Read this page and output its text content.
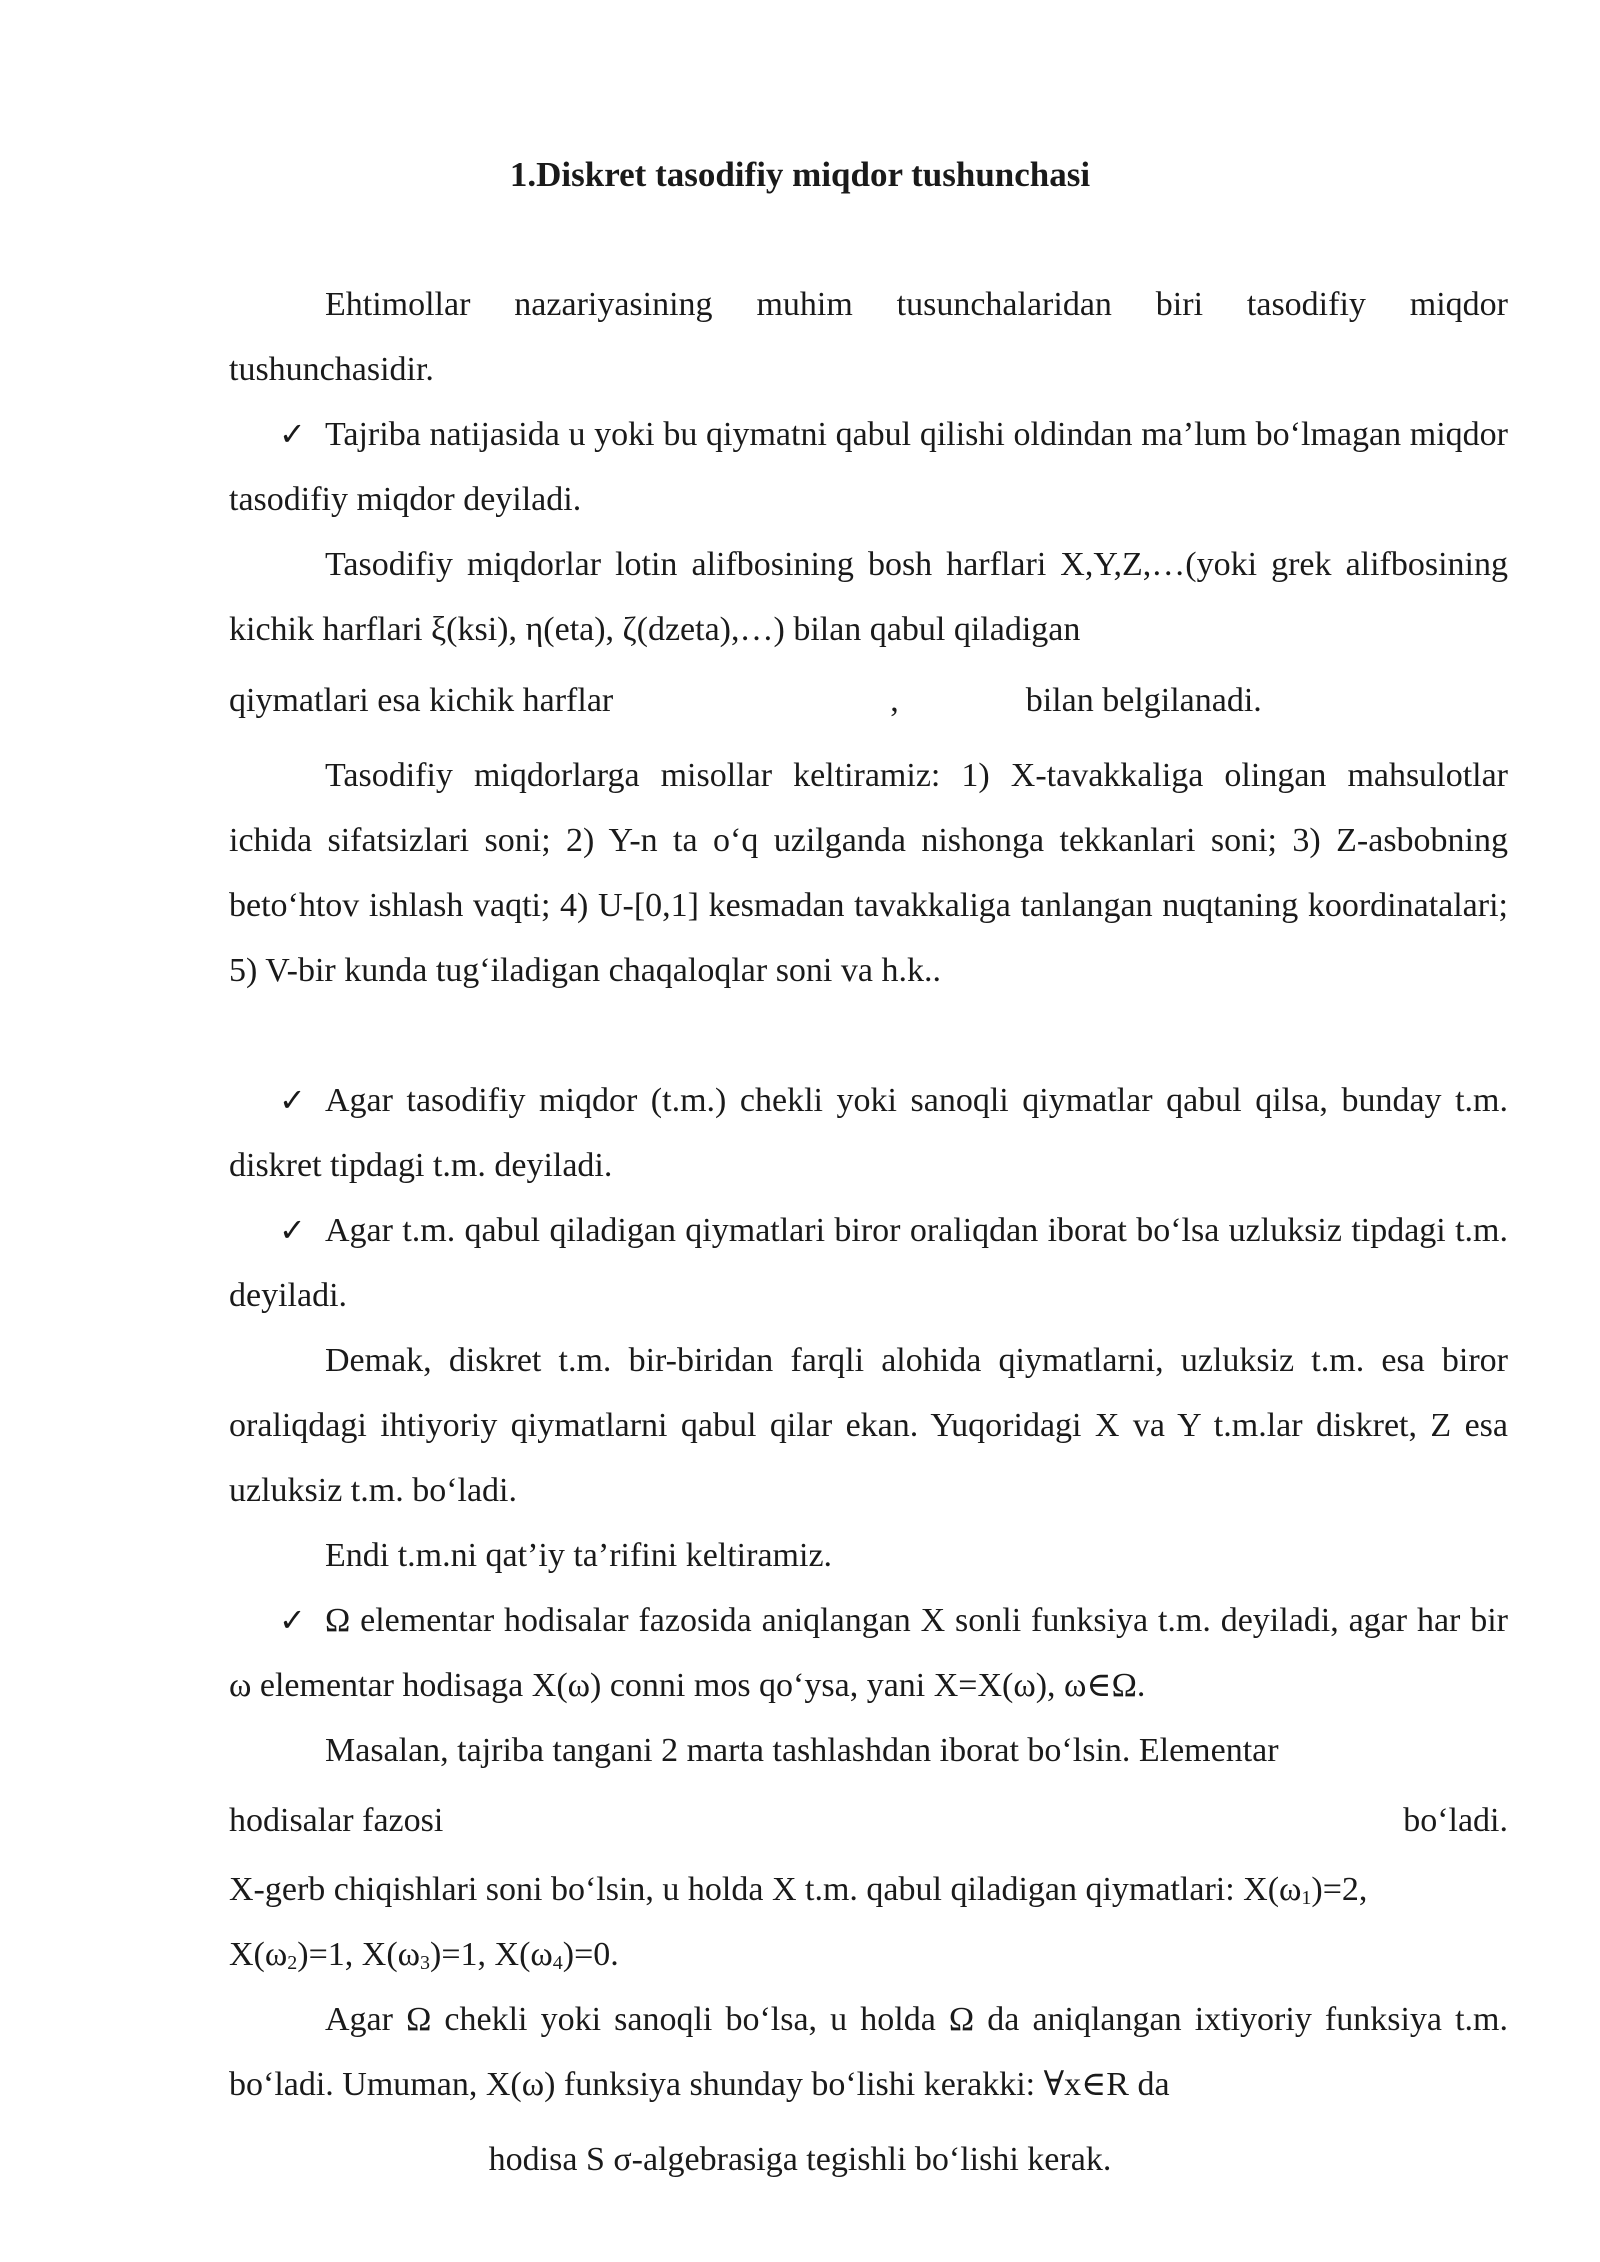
1.Diskret tasodifiy miqdor tushunchasi

Ehtimollar nazariyasining muhim tusunchalaridan biri tasodifiy miqdor tushunchasidir.

✓ Tajriba natijasida u yoki bu qiymatni qabul qilishi oldindan ma’lum bo‘lmagan miqdor tasodifiy miqdor deyiladi.

Tasodifiy miqdorlar lotin alifbosining bosh harflari X,Y,Z,…(yoki grek alifbosining kichik harflari ξ(ksi), η(eta), ζ(dzeta),…) bilan qabul qiladigan

qiymatlari esa kichik harflar	,	bilan belgilanadi.

Tasodifiy miqdorlarga misollar keltiramiz: 1) X-tavakkaliga olingan mahsulotlar ichida sifatsizlari soni; 2) Y-n ta o‘q uzilganda nishonga tekkanlari soni; 3) Z-asbobning beto‘htov ishlash vaqti; 4) U-[0,1] kesmadan tavakkaliga tanlangan nuqtaning koordinatalari; 5) V-bir kunda tug‘iladigan chaqaloqlar soni va h.k..

✓ Agar tasodifiy miqdor (t.m.) chekli yoki sanoqli qiymatlar qabul qilsa, bunday t.m. diskret tipdagi t.m. deyiladi.

✓ Agar t.m. qabul qiladigan qiymatlari biror oraliqdan iborat bo‘lsa uzluksiz tipdagi t.m. deyiladi.

Demak, diskret t.m. bir-biridan farqli alohida qiymatlarni, uzluksiz t.m. esa biror oraliqdagi ihtiyoriy qiymatlarni qabul qilar ekan. Yuqoridagi X va Y t.m.lar diskret, Z esa uzluksiz t.m. bo‘ladi.

Endi t.m.ni qat’iy ta’rifini keltiramiz.

✓ Ω elementar hodisalar fazosida aniqlangan X sonli funksiya t.m. deyiladi, agar har bir ω elementar hodisaga X(ω) conni mos qo‘ysa, yani X=X(ω), ω∈Ω.

Masalan, tajriba tangani 2 marta tashlashdan iborat bo‘lsin. Elementar

hodisalar fazosi	bo‘ladi.
X-gerb chiqishlari soni bo‘lsin, u holda X t.m. qabul qiladigan qiymatlari: $X(\omega_1)=2$,
$X(\omega_2)=1$, $X(\omega_3)=1$, $X(\omega_4)=0$.

Agar Ω chekli yoki sanoqli bo‘lsa, u holda Ω da aniqlangan ixtiyoriy funksiya t.m. bo‘ladi. Umuman, X(ω) funksiya shunday bo‘lishi kerakki: ∀x∈R da

hodisa S σ-algebrasiga tegishli bo‘lishi kerak.
